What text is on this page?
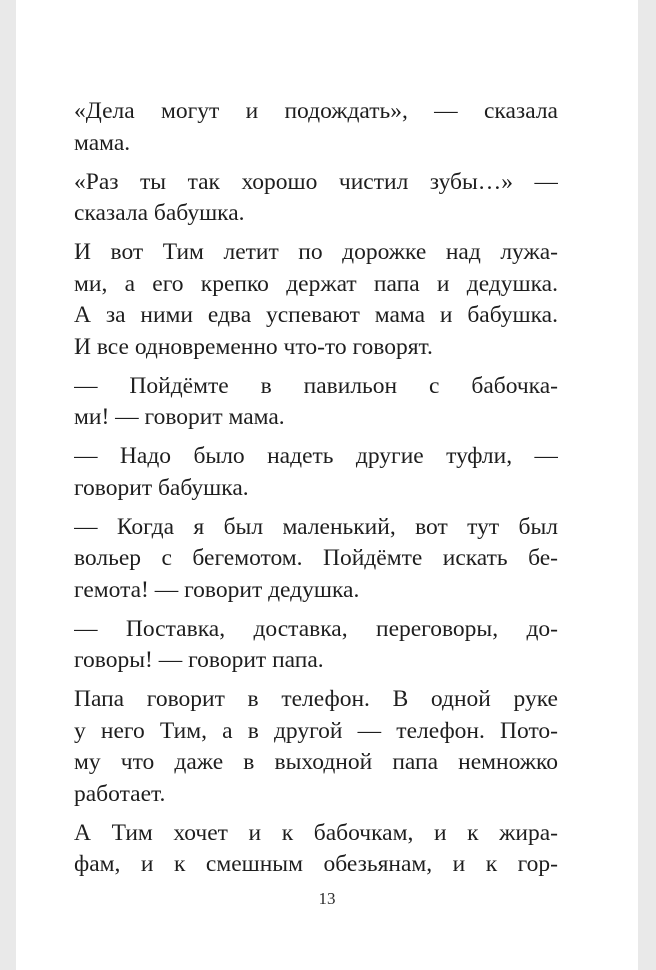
«Дела могут и подождать», — сказала
мама.

«Раз ты так хорошо чистил зубы…» —
сказала бабушка.

И вот Тим летит по дорожке над лужа-
ми, а его крепко держат папа и дедушка.
А за ними едва успевают мама и бабушка.
И все одновременно что-то говорят.

— Пойдёмте в павильон с бабочка-
ми! — говорит мама.

— Надо было надеть другие туфли, —
говорит бабушка.

— Когда я был маленький, вот тут был
вольер с бегемотом. Пойдёмте искать бе-
гемота! — говорит дедушка.

— Поставка, доставка, переговоры, до-
говоры! — говорит папа.

Папа говорит в телефон. В одной руке
у него Тим, а в другой — телефон. Пото-
му что даже в выходной папа немножко
работает.

А Тим хочет и к бабочкам, и к жира-
фам, и к смешным обезьянам, и к гор-

13
